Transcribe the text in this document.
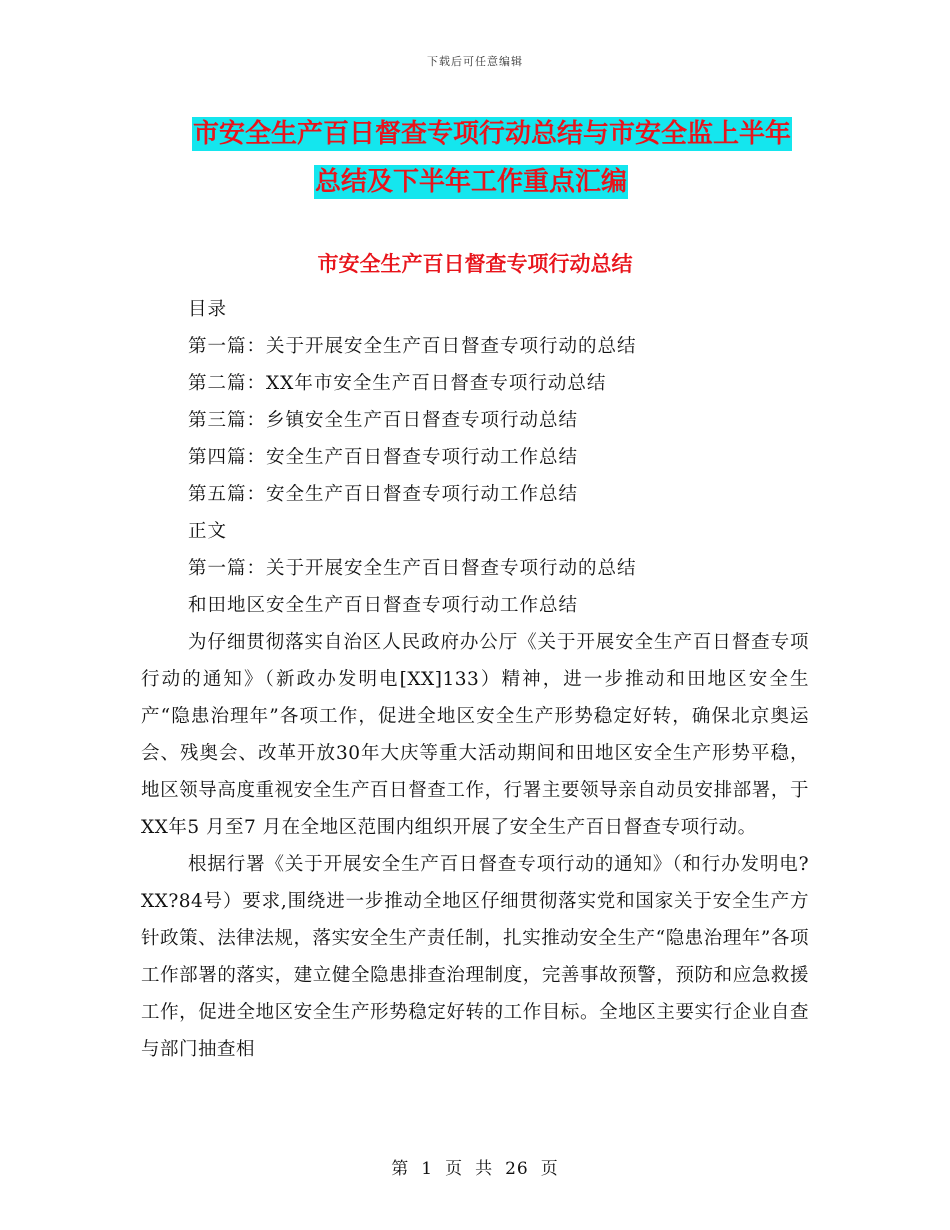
下载后可任意编辑
市安全生产百日督查专项行动总结与市安全监上半年
总结及下半年工作重点汇编
市安全生产百日督查专项行动总结
目录
第一篇：关于开展安全生产百日督查专项行动的总结
第二篇：XX年市安全生产百日督查专项行动总结
第三篇：乡镇安全生产百日督查专项行动总结
第四篇：安全生产百日督查专项行动工作总结
第五篇：安全生产百日督查专项行动工作总结
正文
第一篇：关于开展安全生产百日督查专项行动的总结
和田地区安全生产百日督查专项行动工作总结

为仔细贯彻落实自治区人民政府办公厅《关于开展安全生产百日督查专项行动的通知》（新政办发明电[XX]133）精神，进一步推动和田地区安全生产“隐患治理年”各项工作，促进全地区安全生产形势稳定好转，确保北京奥运会、残奥会、改革开放30年大庆等重大活动期间和田地区安全生产形势平稳，地区领导高度重视安全生产百日督查工作，行署主要领导亲自动员安排部署，于XX年5 月至7 月在全地区范围内组织开展了安全生产百日督查专项行动。

根据行署《关于开展安全生产百日督查专项行动的通知》（和行办发明电?XX?84号）要求,围绕进一步推动全地区仔细贯彻落实党和国家关于安全生产方针政策、法律法规，落实安全生产责任制，扎实推动安全生产“隐患治理年”各项工作部署的落实，建立健全隐患排查治理制度，完善事故预警，预防和应急救援工作，促进全地区安全生产形势稳定好转的工作目标。全地区主要实行企业自查与部门抽查相

第 1 页 共 26 页
